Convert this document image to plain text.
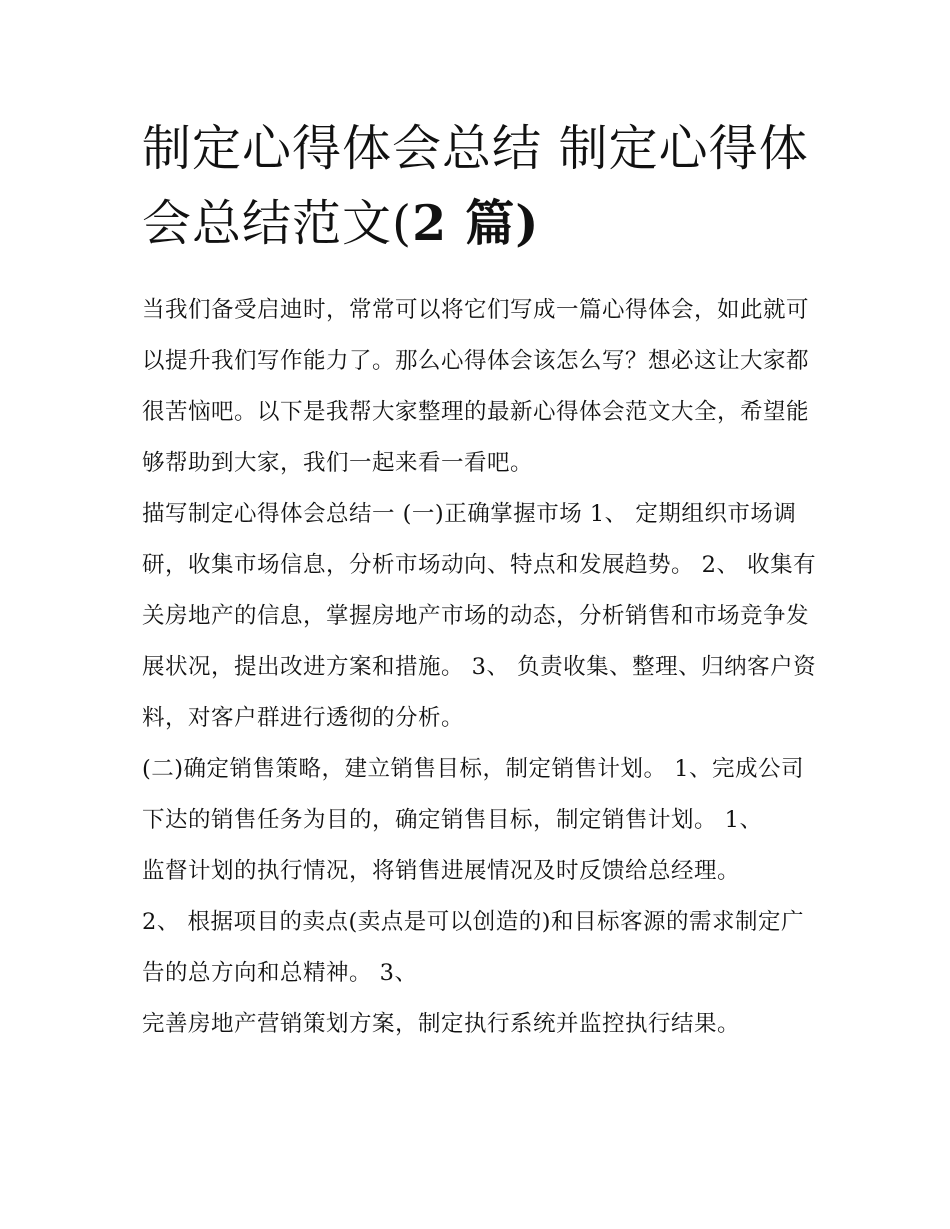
制定心得体会总结 制定心得体会总结范文(2 篇)

当我们备受启迪时，常常可以将它们写成一篇心得体会，如此就可以提升我们写作能力了。那么心得体会该怎么写？想必这让大家都很苦恼吧。以下是我帮大家整理的最新心得体会范文大全，希望能够帮助到大家，我们一起来看一看吧。

描写制定心得体会总结一 (一)正确掌握市场 1、 定期组织市场调研，收集市场信息，分析市场动向、特点和发展趋势。 2、 收集有关房地产的信息，掌握房地产市场的动态，分析销售和市场竞争发展状况，提出改进方案和措施。 3、 负责收集、整理、归纳客户资料，对客户群进行透彻的分析。

(二)确定销售策略，建立销售目标，制定销售计划。 1、完成公司下达的销售任务为目的，确定销售目标，制定销售计划。 1、

监督计划的执行情况，将销售进展情况及时反馈给总经理。

2、 根据项目的卖点(卖点是可以创造的)和目标客源的需求制定广告的总方向和总精神。 3、

完善房地产营销策划方案，制定执行系统并监控执行结果。
